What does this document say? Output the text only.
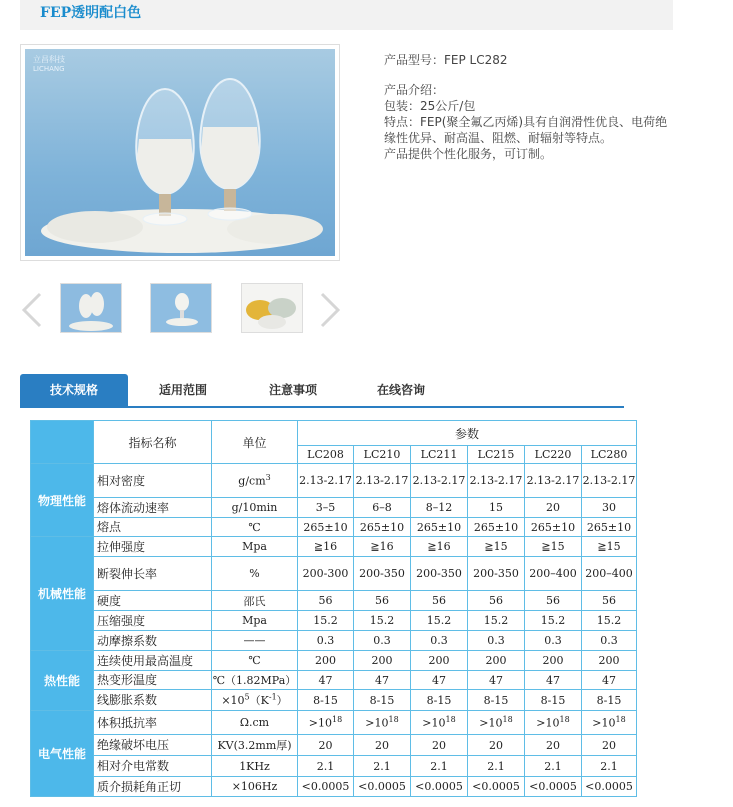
FEP透明配白色
立昌科技
LICHANG

产品型号：FEP LC282

产品介绍：

包装：25公斤/包

特点：FEP(聚全氟乙丙烯)具有自润滑性优良、电荷绝缘性优异、耐高温、阻燃、耐辐射等特点。

产品提供个性化服务，可订制。

技术规格	适用范围	注意事项	在线咨询
	指标名称	单位	参数					
			LC208	LC210	LC211	LC215	LC220	LC280
物理性能	相对密度	$g/cm^3$	2.13-2.17	2.13-2.17	2.13-2.17	2.13-2.17	2.13-2.17	2.13-2.17
	熔体流动速率	g/10min	3–5	6–8	8–12	15	20	30
	熔点	℃	265±10	265±10	265±10	265±10	265±10	265±10
机械性能	拉伸强度	Mpa	≧16	≧16	≧16	≧15	≧15	≧15
	断裂伸长率	%	200-300	200-350	200-350	200-350	200–400	200–400
	硬度	邵氏	56	56	56	56	56	56
	压缩强度	Mpa	15.2	15.2	15.2	15.2	15.2	15.2
	动摩擦系数	——	0.3	0.3	0.3	0.3	0.3	0.3
热性能	连续使用最高温度	℃	200	200	200	200	200	200
	热变形温度	℃（1.82MPa）	47	47	47	47	47	47
	线膨胀系数	$\times 10^5(K^{-1})$	8-15	8-15	8-15	8-15	8-15	8-15
电气性能	体积抵抗率	Ω.cm	$>10^{18}$	$>10^{18}$	$>10^{18}$	$>10^{18}$	$>10^{18}$	$>10^{18}$
	绝缘破坏电压	KV(3.2mm厚)	20	20	20	20	20	20
	相对介电常数	1KHz	2.1	2.1	2.1	2.1	2.1	2.1
	质介损耗角正切	×106Hz	<0.0005	<0.0005	<0.0005	<0.0005	<0.0005	<0.0005
